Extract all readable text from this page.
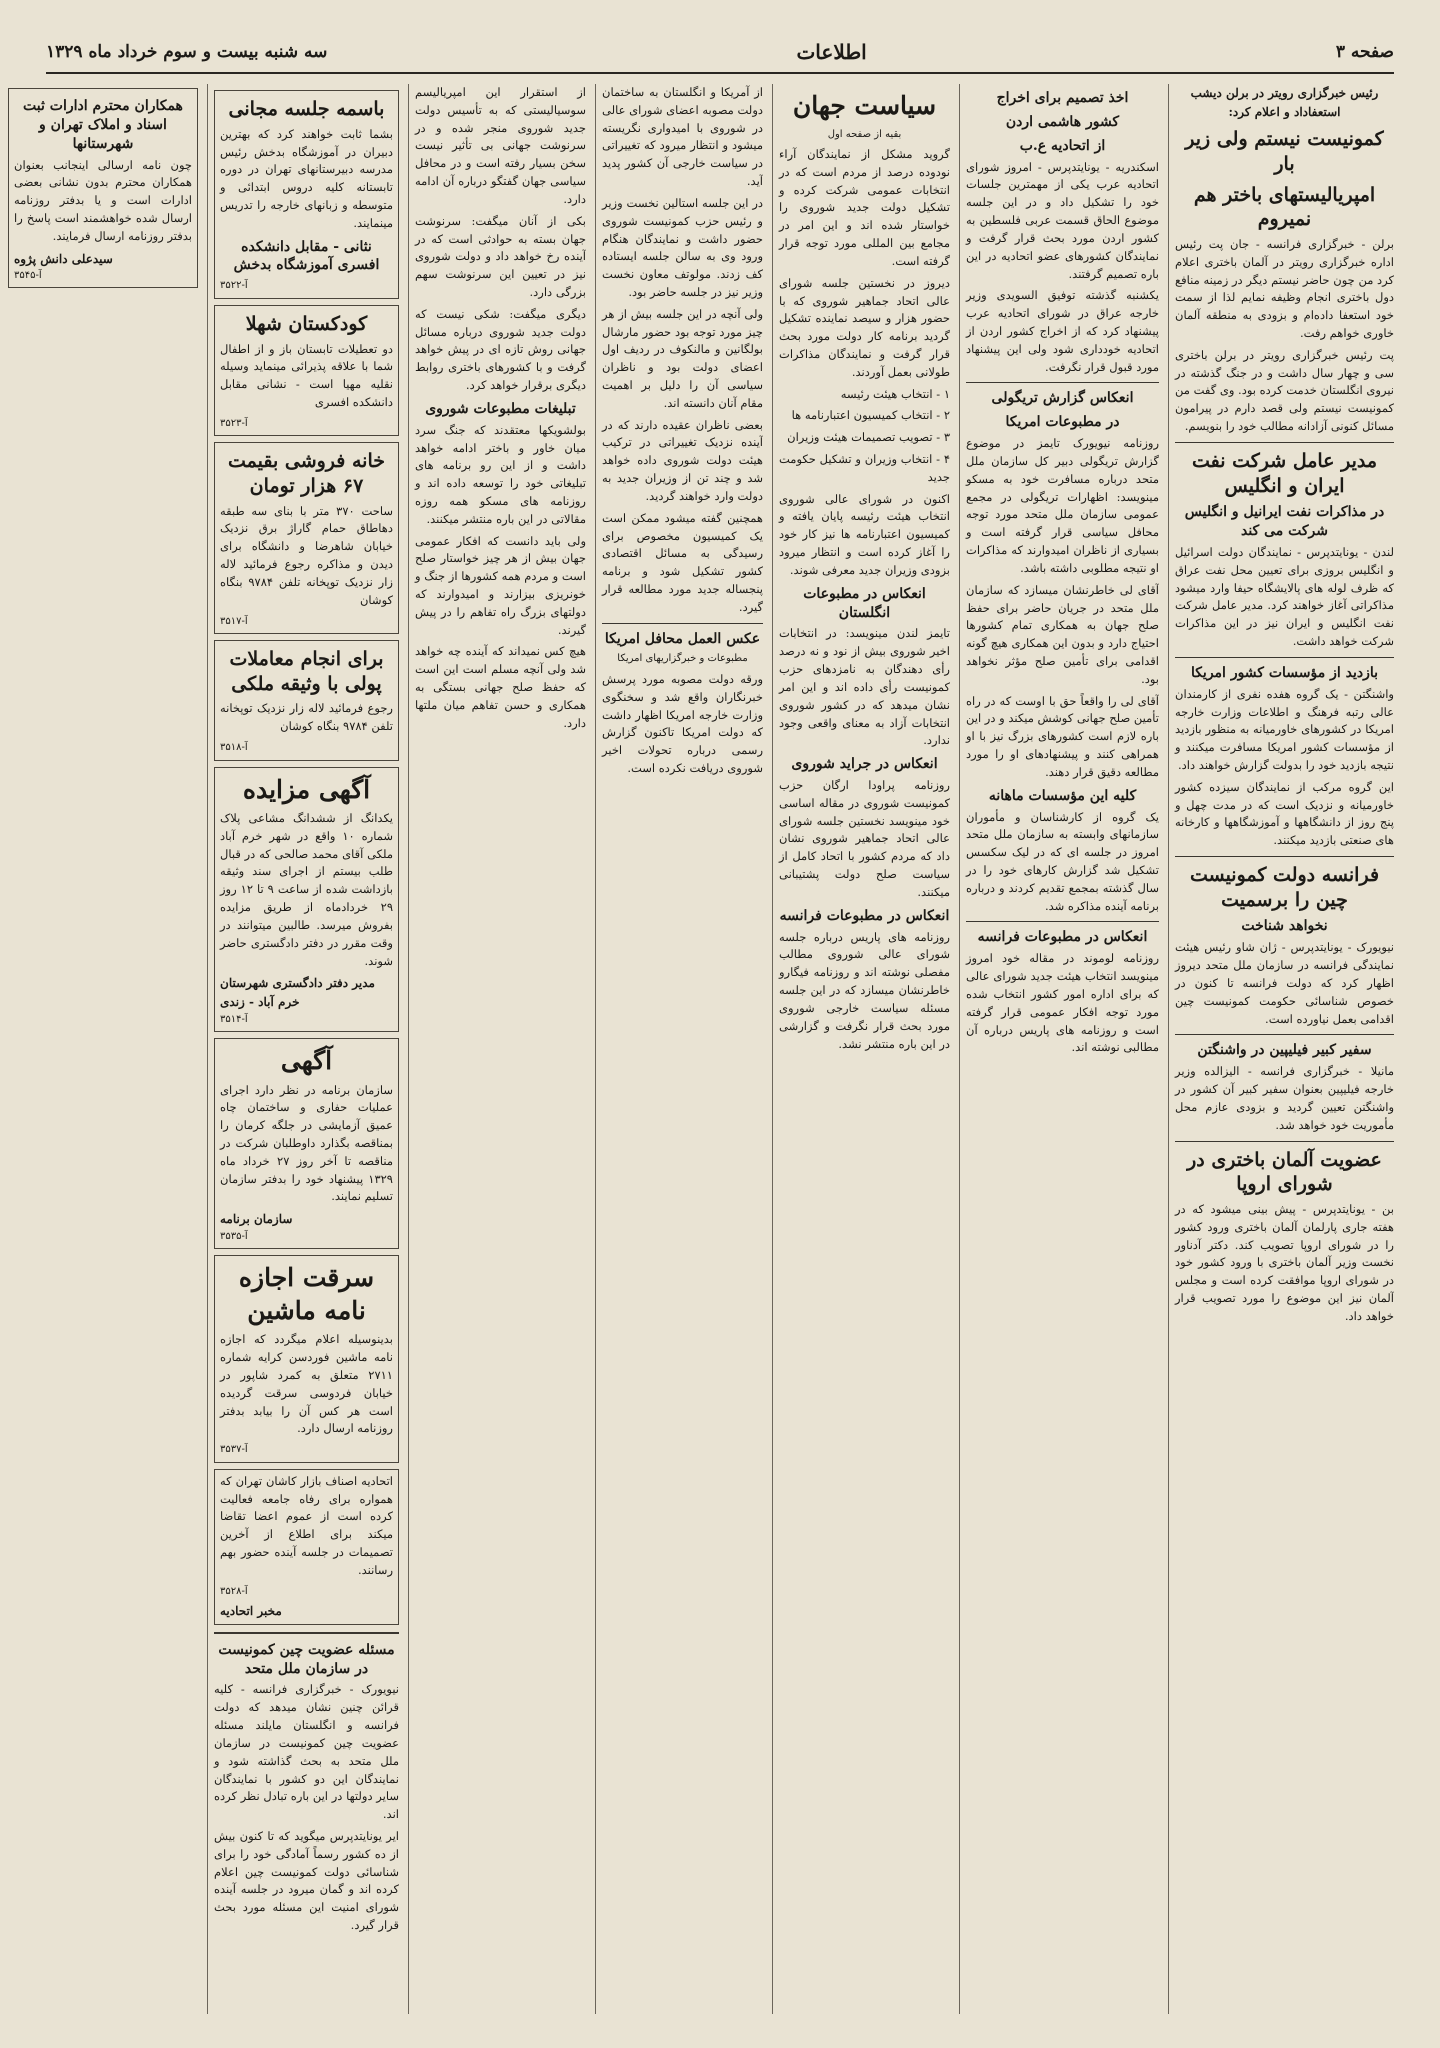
صفحه ۳
اطلاعات
سه شنبه بیست و سوم خرداد ماه ۱۳۲۹
رئیس خبرگزاری رویتر در برلن دیشب استعفاداد و اعلام کرد:
کمونیست نیستم ولی زیر بار
امپریالیستهای باختر هم نمیروم

برلن - خبرگزاری فرانسه - جان پت رئیس اداره خبرگزاری رویتر در آلمان باختری اعلام کرد من چون حاضر نیستم دیگر در زمینه منافع دول باختری انجام وظیفه نمایم لذا از سمت خود استعفا داده‌ام و بزودی به منطقه آلمان خاوری خواهم رفت.

پت رئیس خبرگزاری رویتر در برلن باختری سی و چهار سال داشت و در جنگ گذشته در نیروی انگلستان خدمت کرده بود. وی گفت من کمونیست نیستم ولی قصد دارم در پیرامون مسائل کنونی آزادانه مطالب خود را بنویسم.

مدیر عامل شرکت نفت ایران و انگلیس
در مذاکرات نفت ایرانیل و انگلیس شرکت می کند

لندن - یونایتدپرس - نمایندگان دولت اسرائیل و انگلیس بروزی برای تعیین محل نفت عراق که ظرف لوله های پالایشگاه حیفا وارد میشود مذاکراتی آغاز خواهند کرد. مدیر عامل شرکت نفت انگلیس و ایران نیز در این مذاکرات شرکت خواهد داشت.

بازدید از مؤسسات کشور امریکا

واشنگتن - یک گروه هفده نفری از کارمندان عالی رتبه فرهنگ و اطلاعات وزارت خارجه امریکا در کشورهای خاورمیانه به منظور بازدید از مؤسسات کشور امریکا مسافرت میکنند و نتیجه بازدید خود را بدولت گزارش خواهند داد.

این گروه مرکب از نمایندگان سیزده کشور خاورمیانه و نزدیک است که در مدت چهل و پنج روز از دانشگاهها و آموزشگاهها و کارخانه های صنعتی بازدید میکنند.

فرانسه دولت کمونیست چین را برسمیت
نخواهد شناخت

نیویورک - یونایتدپرس - ژان شاو رئیس هیئت نمایندگی فرانسه در سازمان ملل متحد دیروز اظهار کرد که دولت فرانسه تا کنون در خصوص شناسائی حکومت کمونیست چین اقدامی بعمل نیاورده است.

سفیر کبیر فیلیپین در واشنگتن

مانیلا - خبرگزاری فرانسه - الیزالده وزیر خارجه فیلیپین بعنوان سفیر کبیر آن کشور در واشنگتن تعیین گردید و بزودی عازم محل مأموریت خود خواهد شد.

عضویت آلمان باختری در شورای اروپا

بن - یونایتدپرس - پیش بینی میشود که در هفته جاری پارلمان آلمان باختری ورود کشور را در شورای اروپا تصویب کند. دکتر آدناور نخست وزیر آلمان باختری با ورود کشور خود در شورای اروپا موافقت کرده است و مجلس آلمان نیز این موضوع را مورد تصویب قرار خواهد داد.

اخذ تصمیم برای اخراج
کشور هاشمی اردن
از اتحادیه ع.ب

اسکندریه - یونایتدپرس - امروز شورای اتحادیه عرب یکی از مهمترین جلسات خود را تشکیل داد و در این جلسه موضوع الحاق قسمت عربی فلسطین به کشور اردن مورد بحث قرار گرفت و نمایندگان کشورهای عضو اتحادیه در این باره تصمیم گرفتند.

یکشنبه گذشته توفیق السویدی وزیر خارجه عراق در شورای اتحادیه عرب پیشنهاد کرد که از اخراج کشور اردن از اتحادیه خودداری شود ولی این پیشنهاد مورد قبول قرار نگرفت.

انعکاس گزارش تریگولی
در مطبوعات امریکا

روزنامه نیویورک تایمز در موضوع گزارش تریگولی دبیر کل سازمان ملل متحد درباره مسافرت خود به مسکو مینویسد: اظهارات تریگولی در مجمع عمومی سازمان ملل متحد مورد توجه محافل سیاسی قرار گرفته است و بسیاری از ناظران امیدوارند که مذاکرات او نتیجه مطلوبی داشته باشد.

آقای لی خاطرنشان میسازد که سازمان ملل متحد در جریان حاضر برای حفظ صلح جهان به همکاری تمام کشورها احتیاج دارد و بدون این همکاری هیچ گونه اقدامی برای تأمین صلح مؤثر نخواهد بود.

آقای لی را واقعاً حق با اوست که در راه تأمین صلح جهانی کوشش میکند و در این باره لازم است کشورهای بزرگ نیز با او همراهی کنند و پیشنهادهای او را مورد مطالعه دقیق قرار دهند.

کلیه این مؤسسات ماهانه

یک گروه از کارشناسان و مأموران سازمانهای وابسته به سازمان ملل متحد امروز در جلسه ای که در لیک سکسس تشکیل شد گزارش کارهای خود را در سال گذشته بمجمع تقدیم کردند و درباره برنامه آینده مذاکره شد.

انعکاس در مطبوعات فرانسه

روزنامه لوموند در مقاله خود امروز مینویسد انتخاب هیئت جدید شورای عالی که برای اداره امور کشور انتخاب شده مورد توجه افکار عمومی قرار گرفته است و روزنامه های پاریس درباره آن مطالبی نوشته اند.

سیاست جهان
بقیه از صفحه اول

گروید مشکل از نمایندگان آراء نودوده درصد از مردم است که در انتخابات عمومی شرکت کرده و تشکیل دولت جدید شوروی را خواستار شده اند و این امر در مجامع بین المللی مورد توجه قرار گرفته است.

دیروز در نخستین جلسه شورای عالی اتحاد جماهیر شوروی که با حضور هزار و سیصد نماینده تشکیل گردید برنامه کار دولت مورد بحث قرار گرفت و نمایندگان مذاکرات طولانی بعمل آوردند.

۱ - انتخاب هیئت رئیسه

۲ - انتخاب کمیسیون اعتبارنامه ها

۳ - تصویب تصمیمات هیئت وزیران

۴ - انتخاب وزیران و تشکیل حکومت جدید

اکنون در شورای عالی شوروی انتخاب هیئت رئیسه پایان یافته و کمیسیون اعتبارنامه ها نیز کار خود را آغاز کرده است و انتظار میرود بزودی وزیران جدید معرفی شوند.

انعکاس در مطبوعات انگلستان

تایمز لندن مینویسد: در انتخابات اخیر شوروی بیش از نود و نه درصد رأی دهندگان به نامزدهای حزب کمونیست رأی داده اند و این امر نشان میدهد که در کشور شوروی انتخابات آزاد به معنای واقعی وجود ندارد.

انعکاس در جراید شوروی

روزنامه پراودا ارگان حزب کمونیست شوروی در مقاله اساسی خود مینویسد نخستین جلسه شورای عالی اتحاد جماهیر شوروی نشان داد که مردم کشور با اتحاد کامل از سیاست صلح دولت پشتیبانی میکنند.

انعکاس در مطبوعات فرانسه

روزنامه های پاریس درباره جلسه شورای عالی شوروی مطالب مفصلی نوشته اند و روزنامه فیگارو خاطرنشان میسازد که در این جلسه مسئله سیاست خارجی شوروی مورد بحث قرار نگرفت و گزارشی در این باره منتشر نشد.

از آمریکا و انگلستان به ساختمان دولت مصوبه اعضای شورای عالی در شوروی با امیدواری نگریسته میشود و انتظار میرود که تغییراتی در سیاست خارجی آن کشور پدید آید.

در این جلسه استالین نخست وزیر و رئیس حزب کمونیست شوروی حضور داشت و نمایندگان هنگام ورود وی به سالن جلسه ایستاده کف زدند. مولوتف معاون نخست وزیر نیز در جلسه حاضر بود.

ولی آنچه در این جلسه بیش از هر چیز مورد توجه بود حضور مارشال بولگانین و مالنکوف در ردیف اول اعضای دولت بود و ناظران سیاسی آن را دلیل بر اهمیت مقام آنان دانسته اند.

بعضی ناظران عقیده دارند که در آینده نزدیک تغییراتی در ترکیب هیئت دولت شوروی داده خواهد شد و چند تن از وزیران جدید به دولت وارد خواهند گردید.

همچنین گفته میشود ممکن است یک کمیسیون مخصوص برای رسیدگی به مسائل اقتصادی کشور تشکیل شود و برنامه پنجساله جدید مورد مطالعه قرار گیرد.

عکس العمل محافل امریکا
مطبوعات و خبرگزاریهای امریکا

ورقه دولت مصوبه مورد پرسش خبرنگاران واقع شد و سخنگوی وزارت خارجه امریکا اظهار داشت که دولت امریکا تاکنون گزارش رسمی درباره تحولات اخیر شوروی دریافت نکرده است.

از استقرار این امپریالیسم سوسیالیستی که به تأسیس دولت جدید شوروی منجر شده و در سرنوشت جهانی بی تأثیر نیست سخن بسیار رفته است و در محافل سیاسی جهان گفتگو درباره آن ادامه دارد.

بکی از آنان میگفت: سرنوشت جهان بسته به حوادثی است که در آینده رخ خواهد داد و دولت شوروی نیز در تعیین این سرنوشت سهم بزرگی دارد.

دیگری میگفت: شکی نیست که دولت جدید شوروی درباره مسائل جهانی روش تازه ای در پیش خواهد گرفت و با کشورهای باختری روابط دیگری برقرار خواهد کرد.

تبلیغات مطبوعات شوروی

بولشویکها معتقدند که جنگ سرد میان خاور و باختر ادامه خواهد داشت و از این رو برنامه های تبلیغاتی خود را توسعه داده اند و روزنامه های مسکو همه روزه مقالاتی در این باره منتشر میکنند.

ولی باید دانست که افکار عمومی جهان بیش از هر چیز خواستار صلح است و مردم همه کشورها از جنگ و خونریزی بیزارند و امیدوارند که دولتهای بزرگ راه تفاهم را در پیش گیرند.

هیچ کس نمیداند که آینده چه خواهد شد ولی آنچه مسلم است این است که حفظ صلح جهانی بستگی به همکاری و حسن تفاهم میان ملتها دارد.

باسمه جلسه مجانی

بشما ثابت خواهند کرد که بهترین دبیران در آموزشگاه بدخش رئیس مدرسه دبیرستانهای تهران در دوره تابستانه کلیه دروس ابتدائی و متوسطه و زبانهای خارجه را تدریس مینمایند.

نثانی - مقابل دانشکده افسری آموزشگاه بدخش
آ-۳۵۲۲
کودکستان شهلا

دو تعطیلات تابستان باز و از اطفال شما با علاقه پذیرائی مینماید وسیله نقلیه مهیا است - نشانی مقابل دانشکده افسری

آ-۳۵۲۳
خانه فروشی بقیمت ۶۷ هزار تومان

ساحت ۳۷۰ متر با بنای سه طبقه دهاطاق حمام گاراژ برق نزدیک خیابان شاهرضا و دانشگاه برای دیدن و مذاکره رجوع فرمائید لاله زار نزدیک توپخانه تلفن ۹۷۸۴ بنگاه کوشان

آ-۳۵۱۷
برای انجام معاملات پولی با وثیقه ملکی

رجوع فرمائید لاله زار نزدیک توپخانه تلفن ۹۷۸۴ بنگاه کوشان

آ-۳۵۱۸
آگهی مزایده

یکدانگ از ششدانگ مشاعی پلاک شماره ۱۰ واقع در شهر خرم آباد ملکی آقای محمد صالحی که در قبال طلب بیستم از اجرای سند وثیقه بازداشت شده از ساعت ۹ تا ۱۲ روز ۲۹ خردادماه از طریق مزایده بفروش میرسد. طالبین میتوانند در وقت مقرر در دفتر دادگستری حاضر شوند.

مدیر دفتر دادگستری شهرستان خرم آباد - زندی
آ-۳۵۱۴
آگهی

سازمان برنامه در نظر دارد اجرای عملیات حفاری و ساختمان چاه عمیق آزمایشی در جلگه کرمان را بمناقصه بگذارد داوطلبان شرکت در مناقصه تا آخر روز ۲۷ خرداد ماه ۱۳۲۹ پیشنهاد خود را بدفتر سازمان تسلیم نمایند.

سازمان برنامه
آ-۳۵۳۵
سرقت اجازه نامه ماشین

بدینوسیله اعلام میگردد که اجازه نامه ماشین فوردسن کرایه شماره ۲۷۱۱ متعلق به کمرد شاپور در خیابان فردوسی سرقت گردیده است هر کس آن را بیابد بدفتر روزنامه ارسال دارد.

آ-۳۵۳۷

اتحادیه اصناف بازار کاشان تهران که همواره برای رفاه جامعه فعالیت کرده است از عموم اعضا تقاضا میکند برای اطلاع از آخرین تصمیمات در جلسه آینده حضور بهم رسانند.

آ-۳۵۲۸
مخبر اتحادیه
مسئله عضویت چین کمونیست در سازمان ملل متحد

نیویورک - خبرگزاری فرانسه - کلیه قرائن چنین نشان میدهد که دولت فرانسه و انگلستان مایلند مسئله عضویت چین کمونیست در سازمان ملل متحد به بحث گذاشته شود و نمایندگان این دو کشور با نمایندگان سایر دولتها در این باره تبادل نظر کرده اند.

ایر یونایتدپرس میگوید که تا کنون بیش از ده کشور رسماً آمادگی خود را برای شناسائی دولت کمونیست چین اعلام کرده اند و گمان میرود در جلسه آینده شورای امنیت این مسئله مورد بحث قرار گیرد.

همکاران محترم ادارات ثبت اسناد و املاک تهران و شهرستانها

چون نامه ارسالی اینجانب بعنوان همکاران محترم بدون نشانی بعضی ادارات است و یا بدفتر روزنامه ارسال شده خواهشمند است پاسخ را بدفتر روزنامه ارسال فرمایند.

سیدعلی دانش پژوه
آ-۳۵۴۵
